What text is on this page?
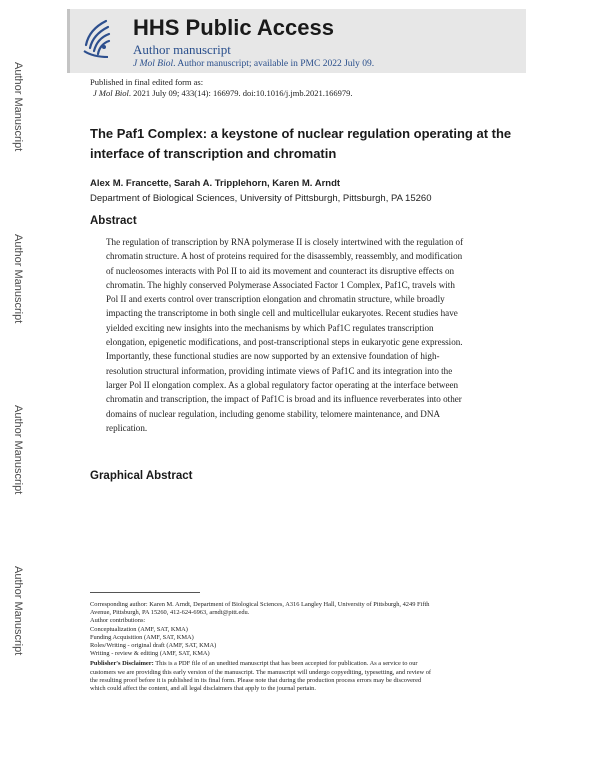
Author Manuscript
Author Manuscript
Author Manuscript
Author Manuscript
HHS Public Access
Author manuscript
J Mol Biol. Author manuscript; available in PMC 2022 July 09.
Published in final edited form as:
J Mol Biol. 2021 July 09; 433(14): 166979. doi:10.1016/j.jmb.2021.166979.
The Paf1 Complex: a keystone of nuclear regulation operating at the interface of transcription and chromatin
Alex M. Francette, Sarah A. Tripplehorn, Karen M. Arndt
Department of Biological Sciences, University of Pittsburgh, Pittsburgh, PA 15260
Abstract
The regulation of transcription by RNA polymerase II is closely intertwined with the regulation of
chromatin structure. A host of proteins required for the disassembly, reassembly, and modification
of nucleosomes interacts with Pol II to aid its movement and counteract its disruptive effects on
chromatin. The highly conserved Polymerase Associated Factor 1 Complex, Paf1C, travels with
Pol II and exerts control over transcription elongation and chromatin structure, while broadly
impacting the transcriptome in both single cell and multicellular eukaryotes. Recent studies have
yielded exciting new insights into the mechanisms by which Paf1C regulates transcription
elongation, epigenetic modifications, and post-transcriptional steps in eukaryotic gene expression.
Importantly, these functional studies are now supported by an extensive foundation of high-
resolution structural information, providing intimate views of Paf1C and its integration into the
larger Pol II elongation complex. As a global regulatory factor operating at the interface between
chromatin and transcription, the impact of Paf1C is broad and its influence reverberates into other
domains of nuclear regulation, including genome stability, telomere maintenance, and DNA
replication.
Graphical Abstract
Corresponding author: Karen M. Arndt, Department of Biological Sciences, A316 Langley Hall, University of Pittsburgh, 4249 Fifth
Avenue, Pittsburgh, PA 15260, 412-624-6963, arndt@pitt.edu.
Author contributions:
Conceptualization (AMF, SAT, KMA)
Funding Acquisition (AMF, SAT, KMA)
Roles/Writing - original draft (AMF, SAT, KMA)
Writing - review & editing (AMF, SAT, KMA)
Publisher's Disclaimer: This is a PDF file of an unedited manuscript that has been accepted for publication. As a service to our
customers we are providing this early version of the manuscript. The manuscript will undergo copyediting, typesetting, and review of
the resulting proof before it is published in its final form. Please note that during the production process errors may be discovered
which could affect the content, and all legal disclaimers that apply to the journal pertain.
